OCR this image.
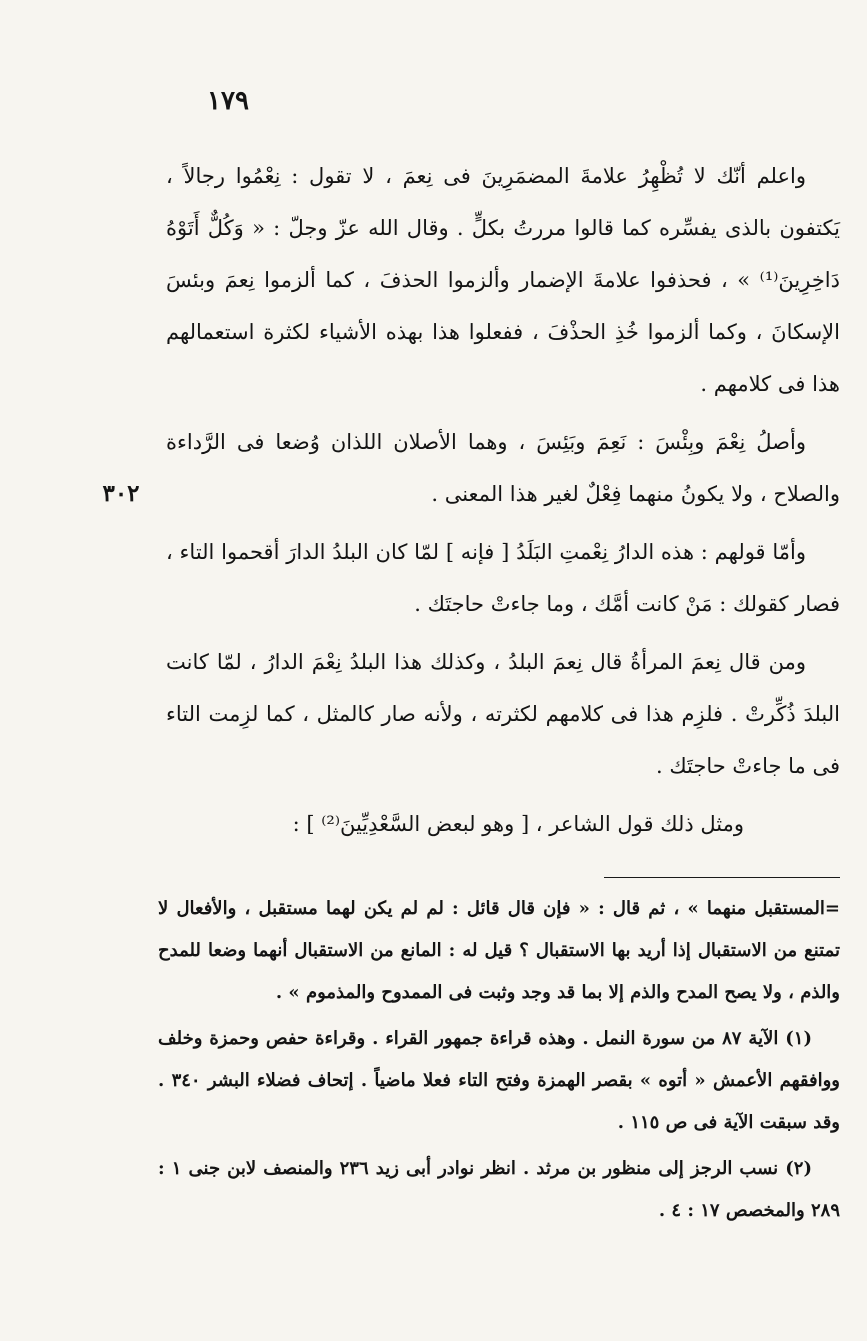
١٧٩

واعلم أنّك لا تُظْهِرُ علامةَ المضمَرِينَ فى نِعمَ ، لا تقول : نِعْمُوا رجالاً ، يَكتفون بالذى يفسِّره كما قالوا مررتُ بكلٍّ . وقال الله عزّ وجلّ : « وَكُلٌّ أَتَوْهُ دَاخِرِينَ⁽¹⁾ » ، فحذفوا علامةَ الإضمار وألزموا الحذفَ ، كما ألزموا نِعمَ وبئسَ الإسكانَ ، وكما ألزموا خُذِ الحذْفَ ، ففعلوا هذا بهذه الأشياء لكثرة استعمالهم هذا فى كلامهم .

وأصلُ نِعْمَ وبِئْسَ : نَعِمَ وبَئِسَ ، وهما الأصلان اللذان وُضعا فى الرَّداءة والصلاح ، ولا يكونُ منهما فِعْلٌ لغير هذا المعنى .

وأمّا قولهم : هذه الدارُ نِعْمتِ البَلَدُ [ فإنه ] لمّا كان البلدُ الدارَ أقحموا التاء ، فصار كقولك : مَنْ كانت أمَّك ، وما جاءتْ حاجتَك .

ومن قال نِعمَ المرأةُ قال نِعمَ البلدُ ، وكذلك هذا البلدُ نِعْمَ الدارُ ، لمّا كانت البلدَ ذُكِّرتْ . فلزِم هذا فى كلامهم لكثرته ، ولأنه صار كالمثل ، كما لزِمت التاء فى ما جاءتْ حاجتَك .

ومثل ذلك قول الشاعر ، [ وهو لبعض السَّعْدِيِّينَ⁽²⁾ ] :

٣٠٢

=المستقبل منهما » ، ثم قال : « فإن قال قائل : لم لم يكن لهما مستقبل ، والأفعال لا تمتنع من الاستقبال إذا أريد بها الاستقبال ؟ قيل له : المانع من الاستقبال أنهما وضعا للمدح والذم ، ولا يصح المدح والذم إلا بما قد وجد وثبت فى الممدوح والمذموم » .

(١) الآية ٨٧ من سورة النمل . وهذه قراءة جمهور القراء . وقراءة حفص وحمزة وخلف ووافقهم الأعمش « أتوه » بقصر الهمزة وفتح التاء فعلا ماضياً . إتحاف فضلاء البشر ٣٤٠ . وقد سبقت الآية فى ص ١١٥ .

(٢) نسب الرجز إلى منظور بن مرثد . انظر نوادر أبى زيد ٢٣٦ والمنصف لابن جنى ١ : ٢٨٩ والمخصص ١٧ : ٤ .
